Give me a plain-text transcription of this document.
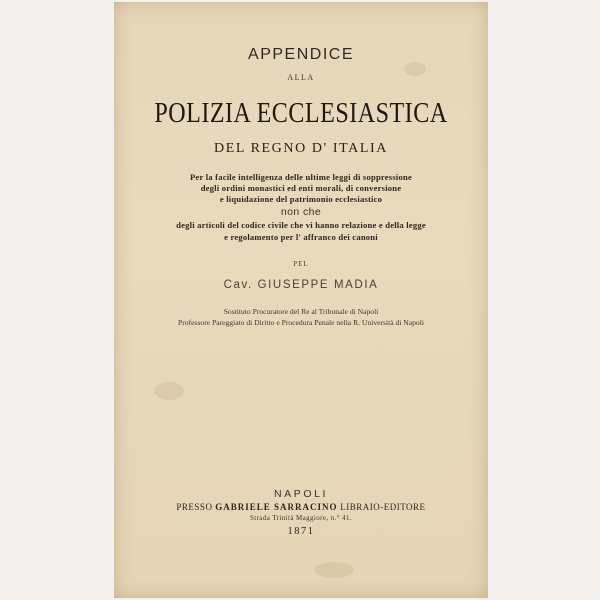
APPENDICE
ALLA
POLIZIA ECCLESIASTICA
DEL REGNO D' ITALIA
Per la facile intelligenza delle ultime leggi di soppressione
degli ordini monastici ed enti morali, di conversione
e liquidazione del patrimonio ecclesiastico
non che
degli articoli del codice civile che vi hanno relazione e della legge
e regolamento per l' affranco dei canoni
PEL
Cav. GIUSEPPE MADIA
Sostituto Procuratore del Re al Tribunale di Napoli
Professore Pareggiato di Diritto e Procedura Penale nella R. Università di Napoli
NAPOLI
PRESSO GABRIELE SARRACINO LIBRAIO-EDITORE
Strada Trinità Maggiore, n.° 41.
1871
